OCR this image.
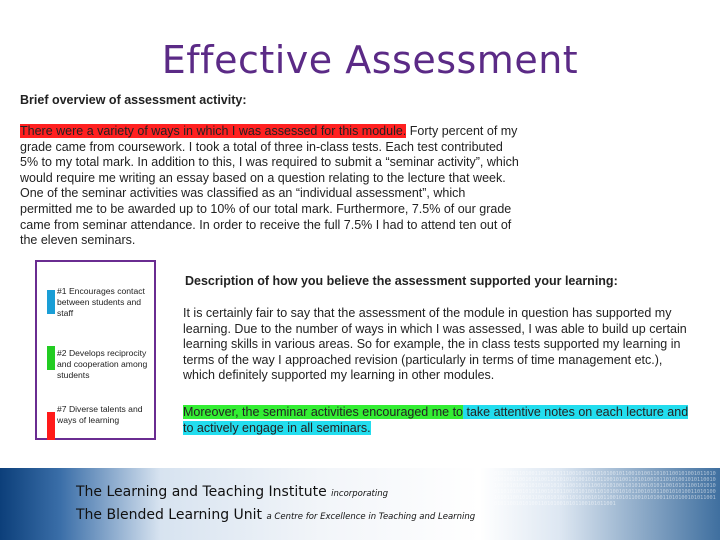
Effective Assessment
Brief overview of assessment activity:
There were a variety of ways in which I was assessed for this module. Forty percent of my grade came from coursework. I took a total of three in-class tests. Each test contributed 5% to my total mark. In addition to this, I was required to submit a “seminar activity”, which would require me writing an essay based on a question relating to the lecture that week. One of the seminar activities was classified as an “individual assessment”, which permitted me to be awarded up to 10% of our total mark. Furthermore, 7.5% of our grade came from seminar attendance. In order to receive the full 7.5% I had to attend ten out of the eleven seminars.
#1 Encourages contact between students and staff
#2 Develops reciprocity and cooperation among students
#7 Diverse talents and ways of learning
Description of how you believe the assessment supported your learning:
It is certainly fair to say that the assessment of the module in question has supported my learning. Due to the number of ways in which I was assessed, I was able to build up certain learning skills in various areas. So for example, the in class tests supported my learning in terms of the way I approached revision (particularly in terms of time management etc.), which definitely supported my learning in other modules.
Moreover, the seminar activities encouraged me to take attentive notes on each lecture and to actively engage in all seminars.
0101100110100110010101110010100110101001011001010011010110010100101101001010011001010100110101010100101101100101001101010010110101001010110010100101010011010100101011001010110010101001101010010101100101011001010100110101001010110010101100101010011010100101011001010110010101001101010010101100101011001010100110101001010110010101100101010011010100101011001010110010101001101010010101100101011001
The Learning and Teaching Institute incorporating
The Blended Learning Unit a Centre for Excellence in Teaching and Learning
